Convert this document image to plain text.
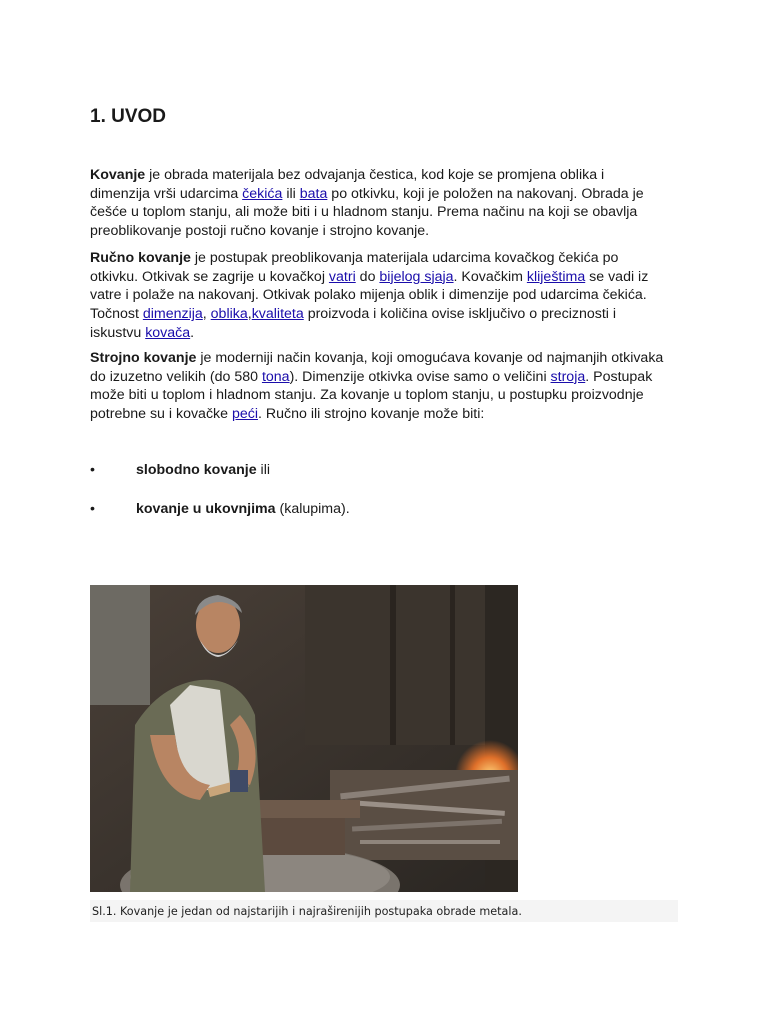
1. UVOD

Kovanje je obrada materijala bez odvajanja čestica, kod koje se promjena oblika i dimenzija vrši udarcima čekića ili bata po otkivku, koji je položen na nakovanj. Obrada je češće u toplom stanju, ali može biti i u hladnom stanju. Prema načinu na koji se obavlja preoblikovanje postoji ručno kovanje i strojno kovanje.

Ručno kovanje je postupak preoblikovanja materijala udarcima kovačkog čekića po otkivku. Otkivak se zagrije u kovačkoj vatri do bijelog sjaja. Kovačkim kliještima se vadi iz vatre i polaže na nakovanj. Otkivak polako mijenja oblik i dimenzije pod udarcima čekića. Točnost dimenzija, oblika,kvaliteta proizvoda i količina ovise isključivo o preciznosti i iskustvu kovača.

Strojno kovanje je moderniji način kovanja, koji omogućava kovanje od najmanjih otkivaka do izuzetno velikih (do 580 tona). Dimenzije otkivka ovise samo o veličini stroja. Postupak može biti u toplom i hladnom stanju. Za kovanje u toplom stanju, u postupku proizvodnje potrebne su i kovačke peći. Ručno ili strojno kovanje može biti:

•	slobodno kovanje ili
•	kovanje u ukovnjima (kalupima).
Sl.1. Kovanje je jedan od najstarijih i najraširenijih postupaka obrade metala.
